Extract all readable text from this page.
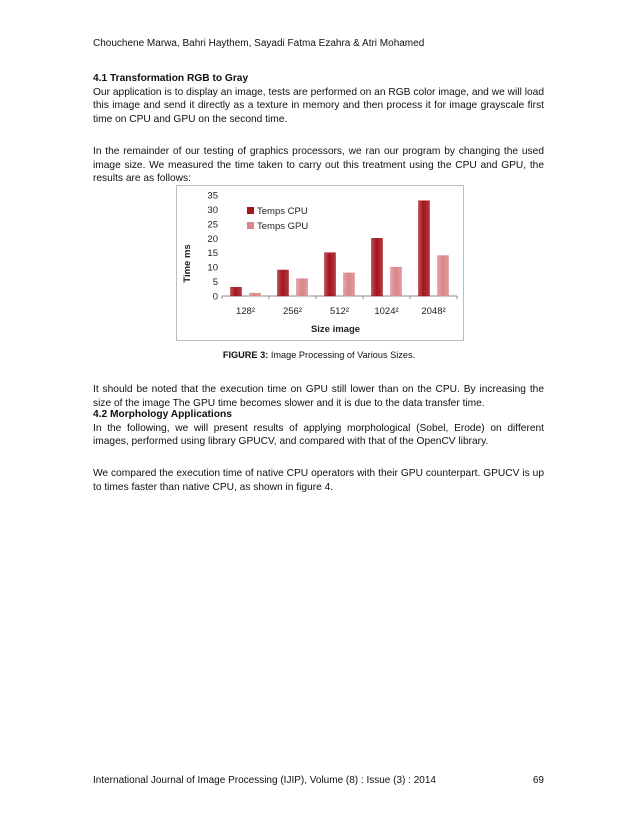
Chouchene Marwa, Bahri Haythem, Sayadi Fatma Ezahra & Atri Mohamed
4.1 Transformation RGB to Gray

Our application is to display an image, tests are performed on an RGB color image, and we will load this image and send it directly as a texture in memory and then process it for image grayscale first time on CPU and GPU on the second time.

In the remainder of our testing of graphics processors, we ran our program by changing the used image size. We measured the time taken to carry out this treatment using the CPU and GPU, the results are as follows:

0
5
10
15
20
25
30
35
128²	256²	512²	1024² 2048²
Size image
Time ms
Temps CPU
Temps GPU
FIGURE 3: Image Processing of Various Sizes.

It should be noted that the execution time on GPU still lower than on the CPU. By increasing the size of the image The GPU time becomes slower and it is due to the data transfer time.

4.2 Morphology Applications

In the following, we will present results of applying morphological (Sobel, Erode) on different images, performed using library GPUCV, and compared with that of the OpenCV library.

We compared the execution time of native CPU operators with their GPU counterpart. GPUCV is up to times faster than native CPU, as shown in figure 4.

International Journal of Image Processing (IJIP), Volume (8) : Issue (3) : 2014	69
